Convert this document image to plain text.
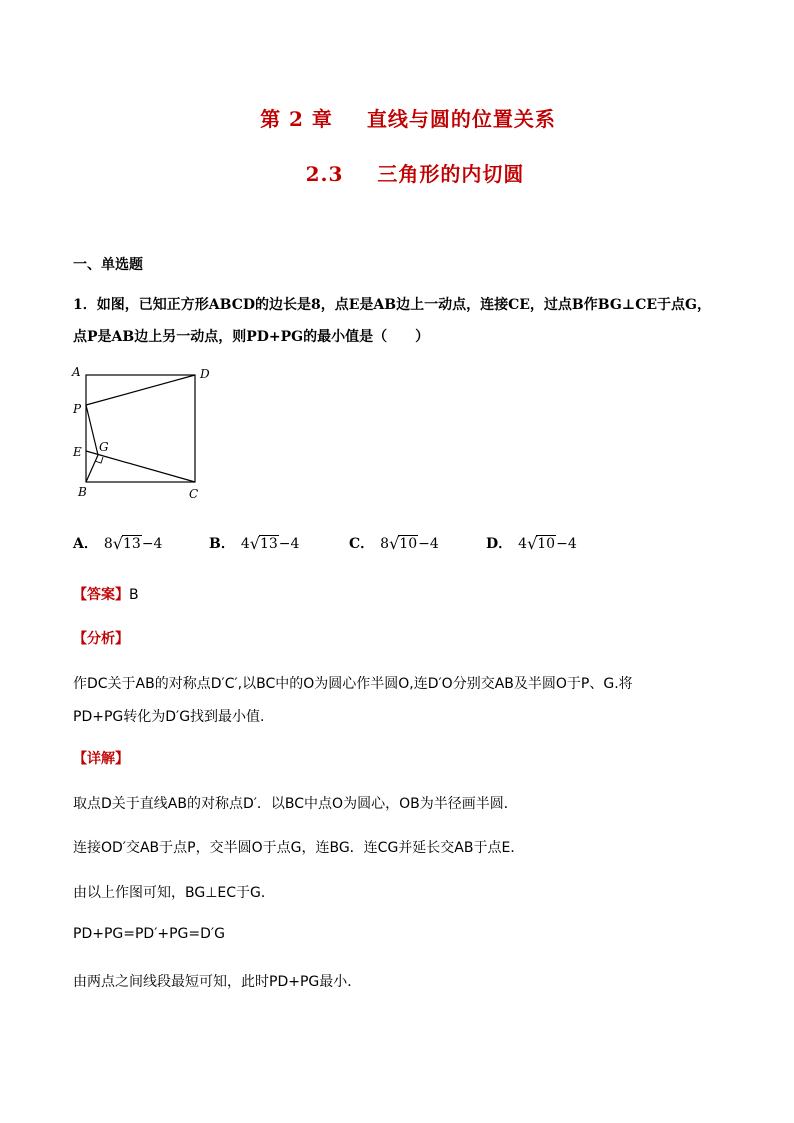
第 2 章 直线与圆的位置关系
2.3 三角形的内切圆
一、单选题
1．如图，已知正方形ABCD的边长是8，点E是AB边上一动点，连接CE，过点B作BG⊥CE于点G，
点P是AB边上另一动点，则PD+PG的最小值是（　　）
A	D
P
E G
B	C
A． 8√13−4	B． 4√13−4	C． 8√10−4	D． 4√10−4
【答案】B
【分析】
作DC关于AB的对称点D′C′,以BC中的O为圆心作半圆O,连D′O分别交AB及半圆O于P、G.将
PD+PG转化为D′G找到最小值.
【详解】
取点D关于直线AB的对称点D′．以BC中点O为圆心，OB为半径画半圆．
连接OD′交AB于点P，交半圆O于点G，连BG．连CG并延长交AB于点E．
由以上作图可知，BG⊥EC于G．
PD+PG=PD′+PG=D′G
由两点之间线段最短可知，此时PD+PG最小．
